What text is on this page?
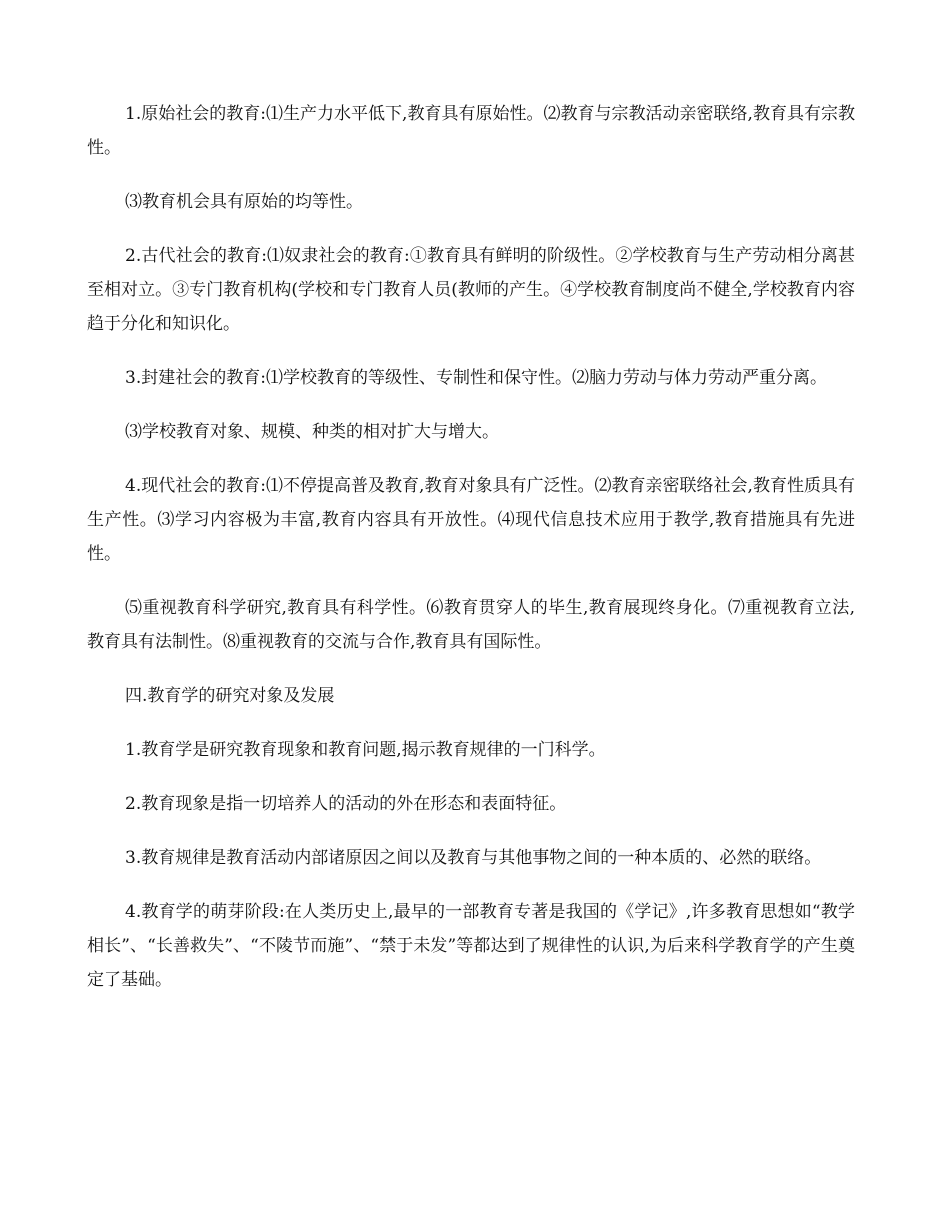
1.原始社会的教育:⑴生产力水平低下,教育具有原始性。⑵教育与宗教活动亲密联络,教育具有宗教性。

⑶教育机会具有原始的均等性。

2.古代社会的教育:⑴奴隶社会的教育:①教育具有鲜明的阶级性。②学校教育与生产劳动相分离甚至相对立。③专门教育机构(学校和专门教育人员(教师的产生。④学校教育制度尚不健全,学校教育内容趋于分化和知识化。

3.封建社会的教育:⑴学校教育的等级性、专制性和保守性。⑵脑力劳动与体力劳动严重分离。

⑶学校教育对象、规模、种类的相对扩大与增大。

4.现代社会的教育:⑴不停提高普及教育,教育对象具有广泛性。⑵教育亲密联络社会,教育性质具有生产性。⑶学习内容极为丰富,教育内容具有开放性。⑷现代信息技术应用于教学,教育措施具有先进性。

⑸重视教育科学研究,教育具有科学性。⑹教育贯穿人的毕生,教育展现终身化。⑺重视教育立法,教育具有法制性。⑻重视教育的交流与合作,教育具有国际性。

四.教育学的研究对象及发展

1.教育学是研究教育现象和教育问题,揭示教育规律的一门科学。

2.教育现象是指一切培养人的活动的外在形态和表面特征。

3.教育规律是教育活动内部诸原因之间以及教育与其他事物之间的一种本质的、必然的联络。

4.教育学的萌芽阶段:在人类历史上,最早的一部教育专著是我国的《学记》,许多教育思想如“教学相长”、“长善救失”、“不陵节而施”、“禁于未发”等都达到了规律性的认识,为后来科学教育学的产生奠定了基础。
